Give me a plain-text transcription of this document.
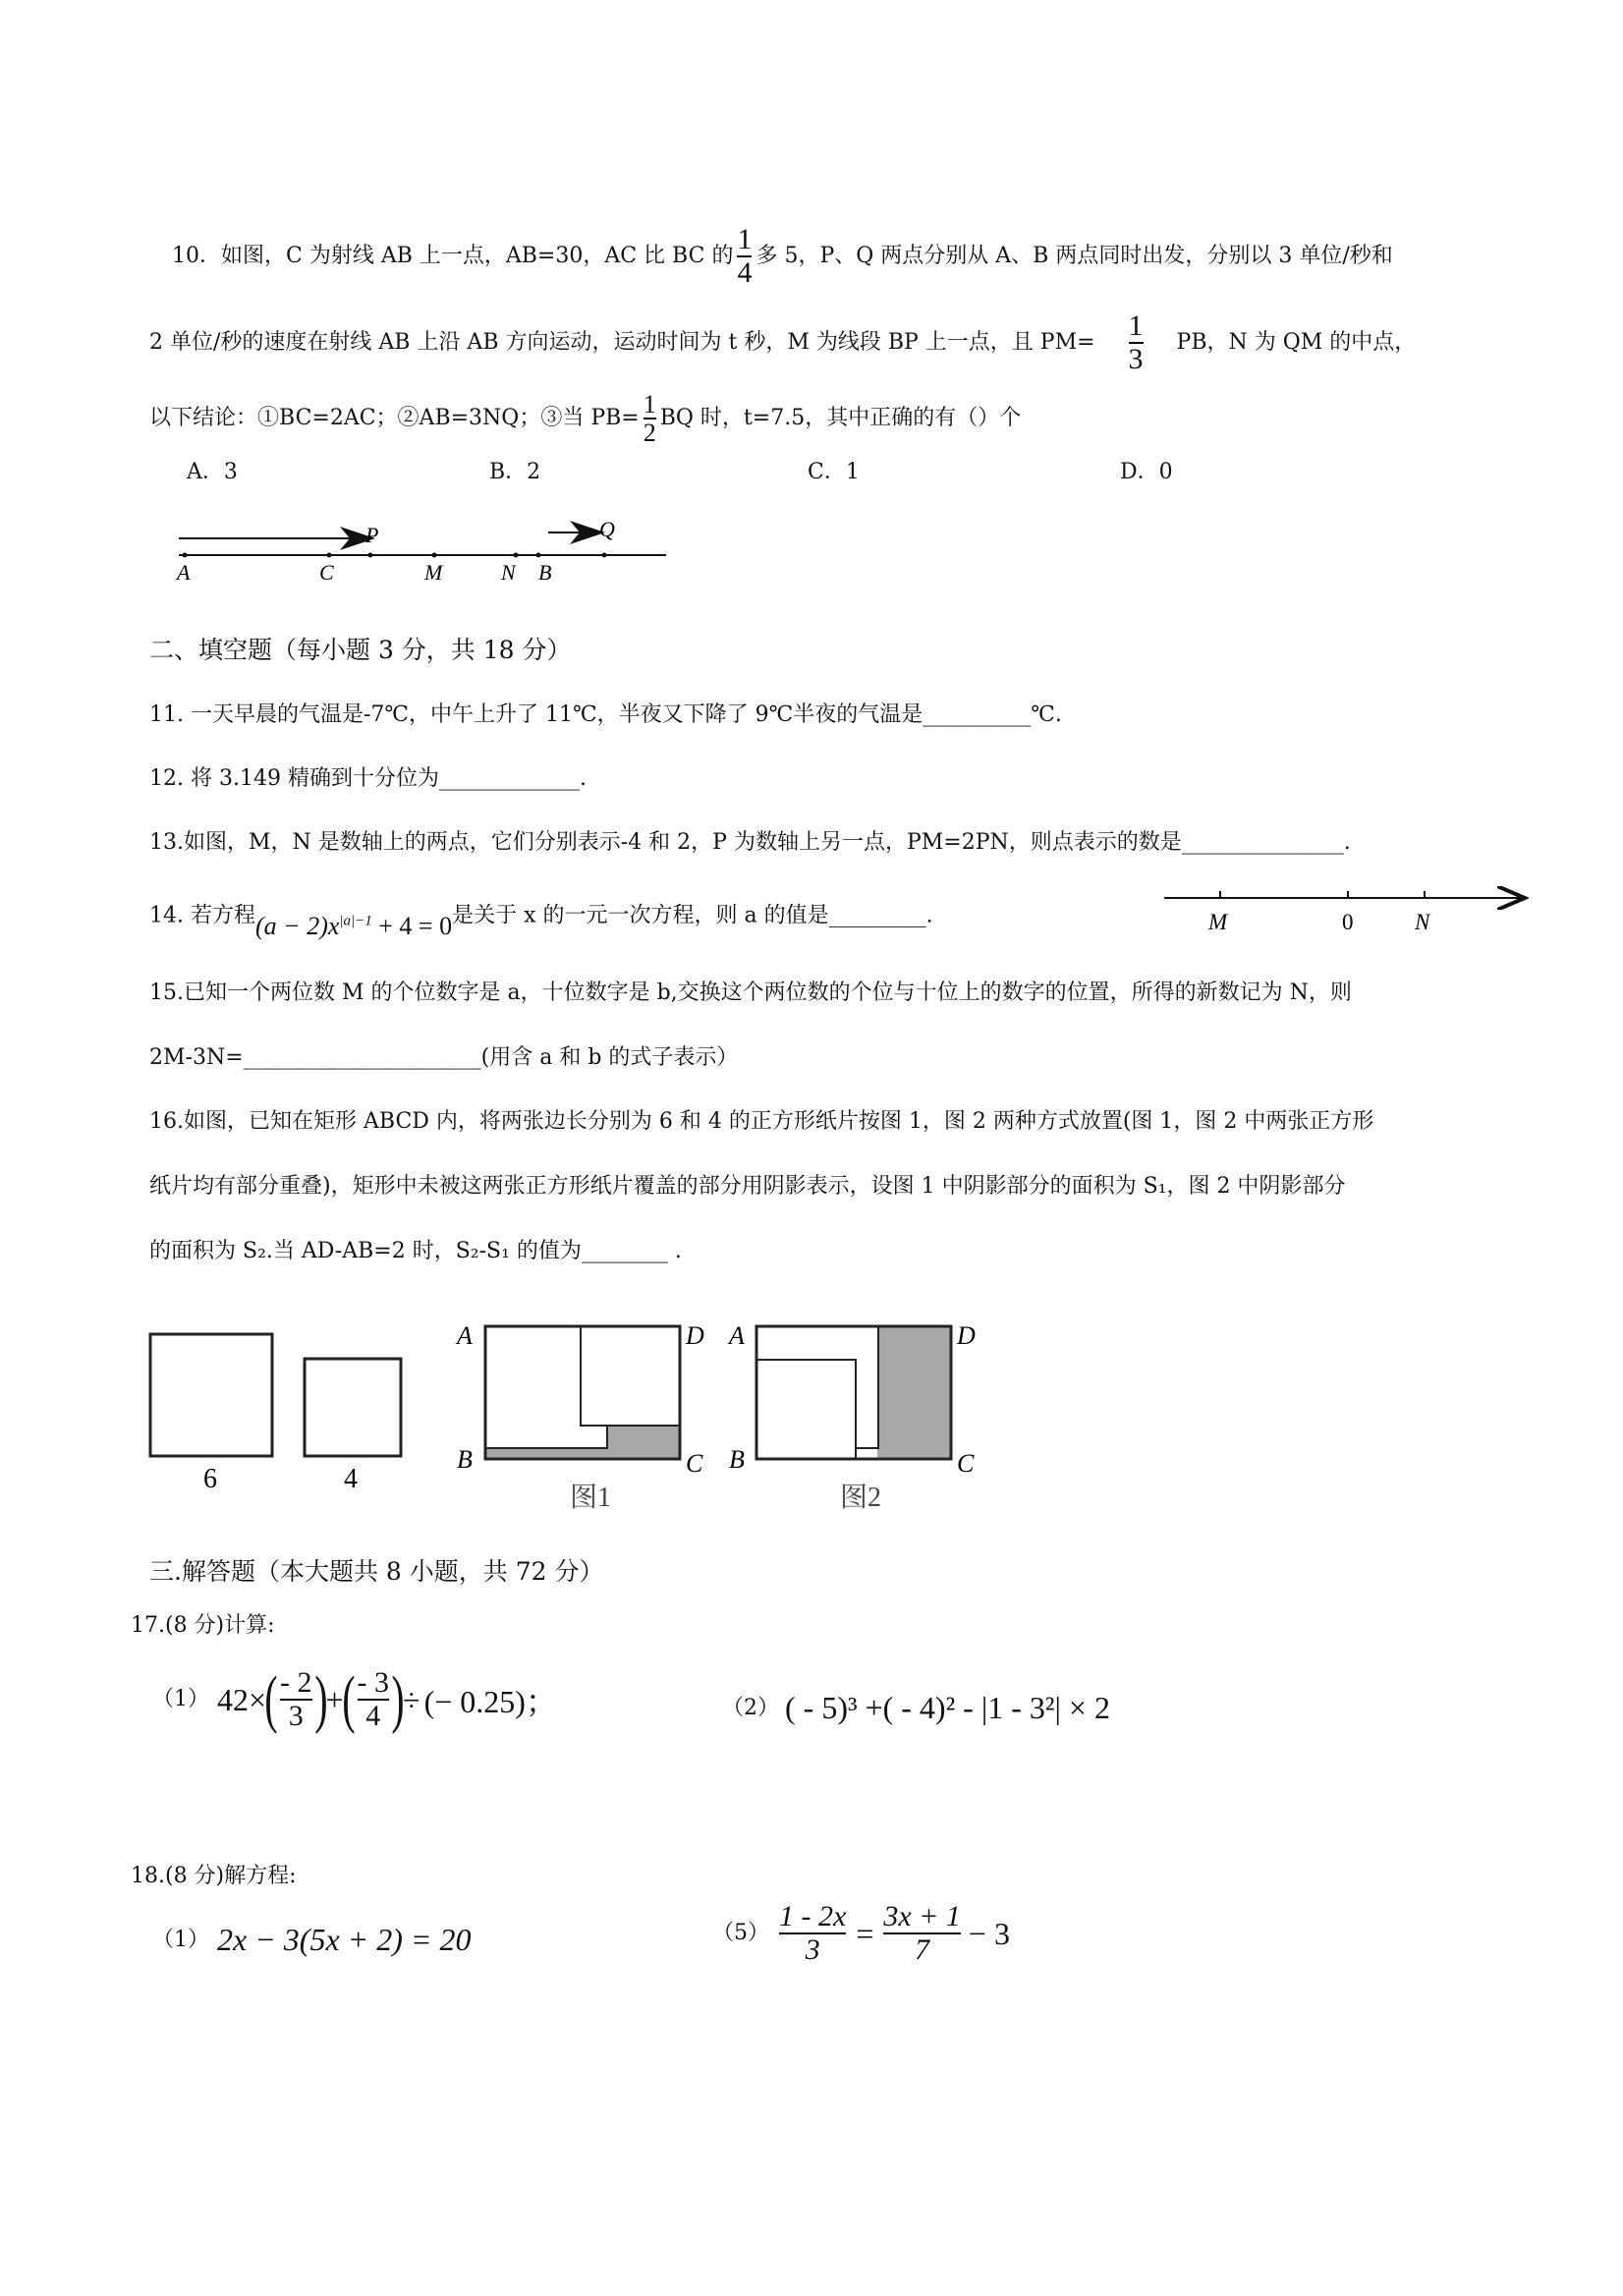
10．如图，C 为射线 AB 上一点，AB=30，AC 比 BC 的 $\frac{1}{4}$ 多 5，P、Q 两点分别从 A、B 两点同时出发，分别以 3 单位/秒和
2 单位/秒的速度在射线 AB 上沿 AB 方向运动，运动时间为 t 秒，M 为线段 BP 上一点，且 $PM= \frac{1}{3}$ PB，N 为 QM 的中点，
以下结论：①BC=2AC；②AB=3NQ；③当 $PB= \frac{1}{2}$ BQ 时，t=7.5，其中正确的有（）个
A．3	B．2	C．1	D．0
A	C	M	N B
P	Q
二、填空题（每小题 3 分，共 18 分）
11. 一天早晨的气温是-7℃，中午上升了 11℃，半夜又下降了 9℃半夜的气温是__________℃.
12. 将 3.149 精确到十分位为_____________.
13.如图，M，N 是数轴上的两点，它们分别表示-4 和 2，P 为数轴上另一点，PM=2PN，则点表示的数是_______________.
14. 若方程$(a - 2)x^{|a|-1} + 4 = 0$是关于 x 的一元一次方程，则 a 的值是_________.	M	0	N
15.已知一个两位数 M 的个位数字是 a，十位数字是 b,交换这个两位数的个位与十位上的数字的位置，所得的新数记为 N，则
2M-3N=______________________(用含 a 和 b 的式子表示）
16.如图，已知在矩形 ABCD 内，将两张边长分别为 6 和 4 的正方形纸片按图 1，图 2 两种方式放置(图 1，图 2 中两张正方形
纸片均有部分重叠)，矩形中未被这两张正方形纸片覆盖的部分用阴影表示，设图 1 中阴影部分的面积为 S₁，图 2 中阴影部分
的面积为 S₂.当 AD-AB=2 时，S₂-S₁ 的值为________ .
6	4
A	D
B	C
图1
A	D
B	C
图2
三.解答题（本大题共 8 小题，共 72 分）
17.(8 分)计算:
（1） 42×
( $\frac{- 2}{3}$ )
+
( $\frac{- 3}{4}$ )
÷ (− 0.25)；	（2） ( - 5)³ +( - 4)² - |1 - 3²| × 2
18.(8 分)解方程:
（1） 2x − 3(5x + 2) = 20	$(5) \frac{1 - 2x}{3} = \frac{3x + 1}{7} - 3$
